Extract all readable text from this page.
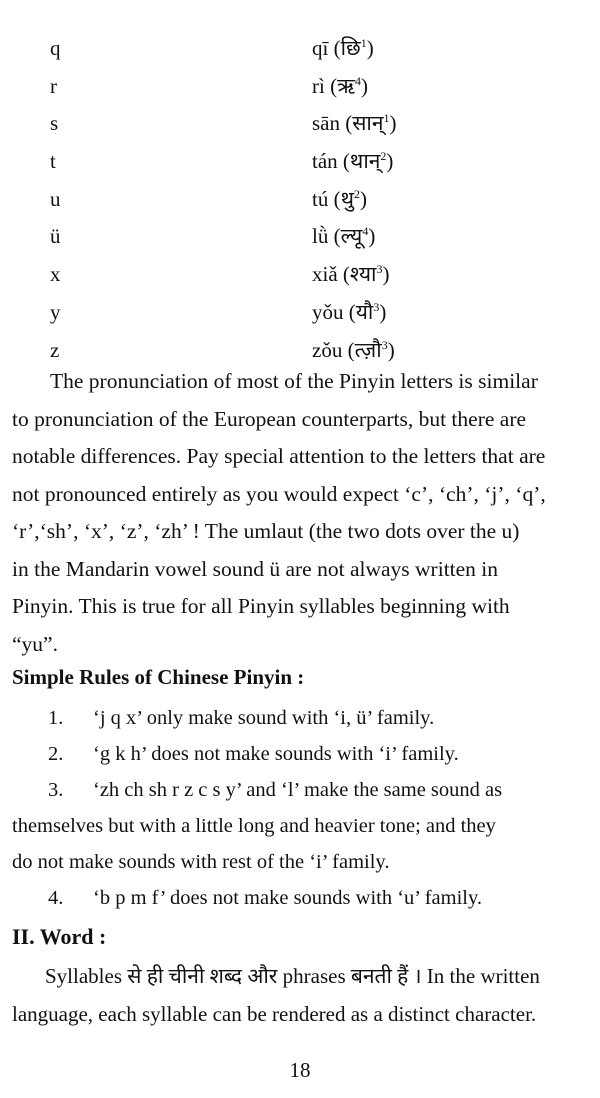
q	qī (छि$^1$)
r	rì (ऋ$^4$)
s	sān (सान्$^1$)
t	tán (थान्$^2$)
u	tú (थु$^2$)
ü	lǜ (ल्यू$^4$)
x	xiǎ (श्या$^3$)
y	yǒu (यौ$^3$)
z	zǒu (त्ज़ौ$^3$)
The pronunciation of most of the Pinyin letters is similar
to pronunciation of the European counterparts, but there are
notable differences. Pay special attention to the letters that are
not pronounced entirely as you would expect ‘c’, ‘ch’, ‘j’, ‘q’,
‘r’,‘sh’, ‘x’, ‘z’, ‘zh’ ! The umlaut (the two dots over the u)
in the Mandarin vowel sound ü are not always written in
Pinyin. This is true for all Pinyin syllables beginning with
“yu”.
Simple Rules of Chinese Pinyin :
1. ‘j q x’ only make sound with ‘i, ü’ family.
2. ‘g k h’ does not make sounds with ‘i’ family.
3. ‘zh ch sh r z c s y’ and ‘l’ make the same sound as
themselves but with a little long and heavier tone; and they
do not make sounds with rest of the ‘i’ family.
4. ‘b p m f’ does not make sounds with ‘u’ family.
II. Word :
Syllables से ही चीनी शब्द और phrases बनती हैं । In the written
language, each syllable can be rendered as a distinct character.
18
